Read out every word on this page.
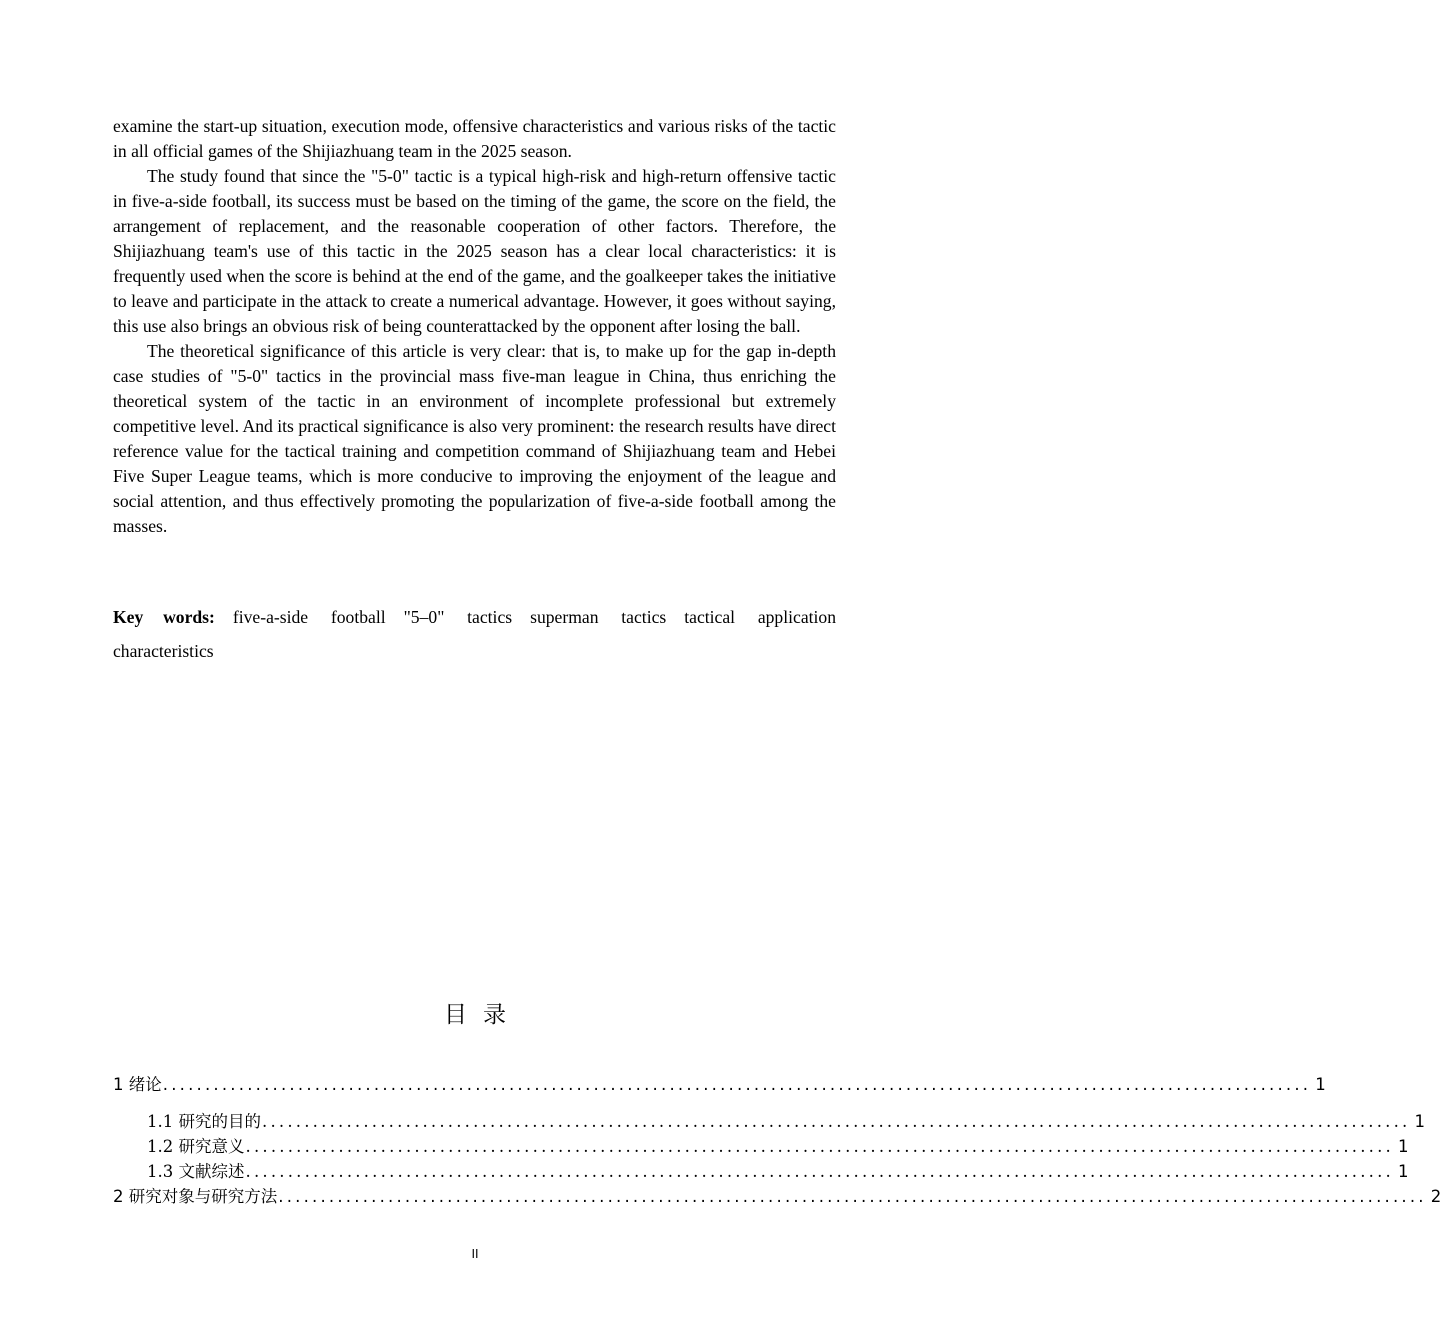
examine the start-up situation, execution mode, offensive characteristics and various risks of the tactic in all official games of the Shijiazhuang team in the 2025 season.

The study found that since the "5-0" tactic is a typical high-risk and high-return offensive tactic in five-a-side football, its success must be based on the timing of the game, the score on the field, the arrangement of replacement, and the reasonable cooperation of other factors. Therefore, the Shijiazhuang team's use of this tactic in the 2025 season has a clear local characteristics: it is frequently used when the score is behind at the end of the game, and the goalkeeper takes the initiative to leave and participate in the attack to create a numerical advantage. However, it goes without saying, this use also brings an obvious risk of being counterattacked by the opponent after losing the ball.

The theoretical significance of this article is very clear: that is, to make up for the gap in-depth case studies of "5-0" tactics in the provincial mass five-man league in China, thus enriching the theoretical system of the tactic in an environment of incomplete professional but extremely competitive level. And its practical significance is also very prominent: the research results have direct reference value for the tactical training and competition command of Shijiazhuang team and Hebei Five Super League teams, which is more conducive to improving the enjoyment of the league and social attention, and thus effectively promoting the popularization of five-a-side football among the masses.

Key words: five-a-side football "5–0" tactics superman tactics tactical application characteristics
目录
1 绪论 ........................................................................................................................................ 1
1.1 研究的目的 ........................................................................................................................................ 1
1.2 研究意义 ........................................................................................................................................ 1
1.3 文献综述 ........................................................................................................................................ 1
2 研究对象与研究方法 ........................................................................................................................................ 2
II
